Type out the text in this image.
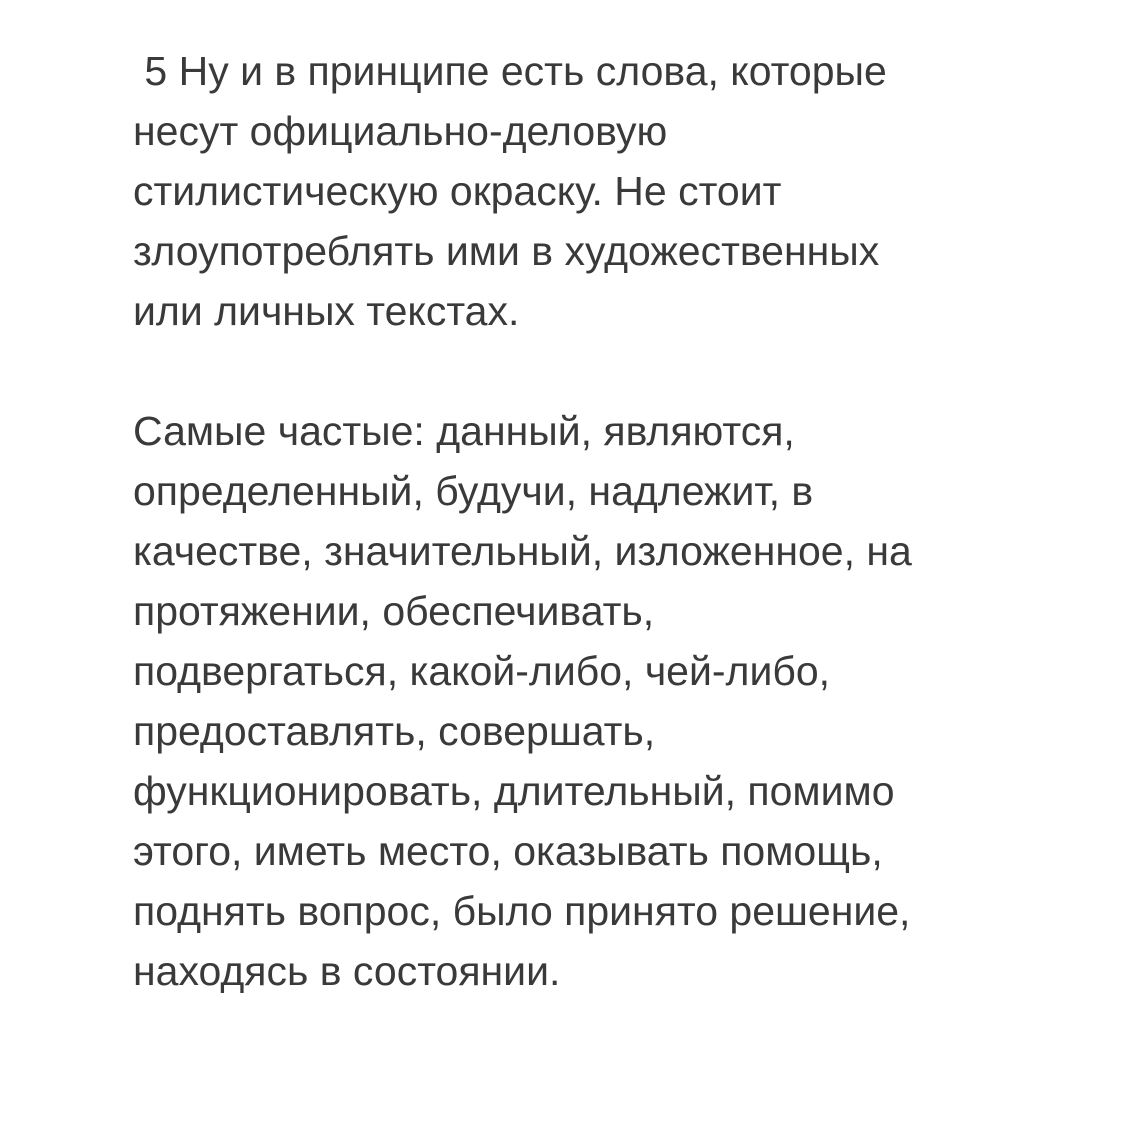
5 Ну и в принципе есть слова, которые
несут официально-деловую
стилистическую окраску. Не стоит
злоупотреблять ими в художественных
или личных текстах.

Самые частые: данный, являются,
определенный, будучи, надлежит, в
качестве, значительный, изложенное, на
протяжении, обеспечивать,
подвергаться, какой-либо, чей-либо,
предоставлять, совершать,
функционировать, длительный, помимо
этого, иметь место, оказывать помощь,
поднять вопрос, было принято решение,
находясь в состоянии.
